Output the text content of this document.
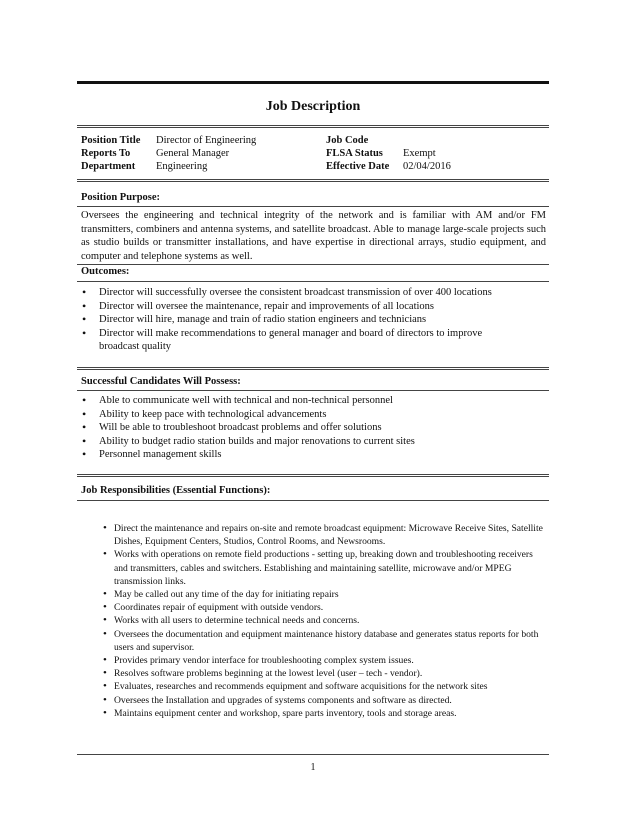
Job Description
Position Title
Reports To
Department
Director of Engineering
General Manager
Engineering
Job Code
FLSA Status
Effective Date
Exempt
02/04/2016
Position Purpose:
Oversees the engineering and technical integrity of the network and is familiar with AM and/or FM transmitters, combiners and antenna systems, and satellite broadcast. Able to manage large-scale projects such as studio builds or transmitter installations, and have expertise in directional arrays, studio equipment, and computer and telephone systems as well.
Outcomes:
• Director will successfully oversee the consistent broadcast transmission of over 400 locations
• Director will oversee the maintenance, repair and improvements of all locations
• Director will hire, manage and train of radio station engineers and technicians
• Director will make recommendations to general manager and board of directors to improve broadcast quality
Successful Candidates Will Possess:
• Able to communicate well with technical and non-technical personnel
• Ability to keep pace with technological advancements
• Will be able to troubleshoot broadcast problems and offer solutions
• Ability to budget radio station builds and major renovations to current sites
• Personnel management skills
Job Responsibilities (Essential Functions):
• Direct the maintenance and repairs on-site and remote broadcast equipment: Microwave Receive Sites, Satellite Dishes, Equipment Centers, Studios, Control Rooms, and Newsrooms.
• Works with operations on remote field productions - setting up, breaking down and troubleshooting receivers and transmitters, cables and switchers. Establishing and maintaining satellite, microwave and/or MPEG transmission links.
• May be called out any time of the day for initiating repairs
• Coordinates repair of equipment with outside vendors.
• Works with all users to determine technical needs and concerns.
• Oversees the documentation and equipment maintenance history database and generates status reports for both users and supervisor.
• Provides primary vendor interface for troubleshooting complex system issues.
• Resolves software problems beginning at the lowest level (user – tech - vendor).
• Evaluates, researches and recommends equipment and software acquisitions for the network sites
• Oversees the Installation and upgrades of systems components and software as directed.
• Maintains equipment center and workshop, spare parts inventory, tools and storage areas.
1
